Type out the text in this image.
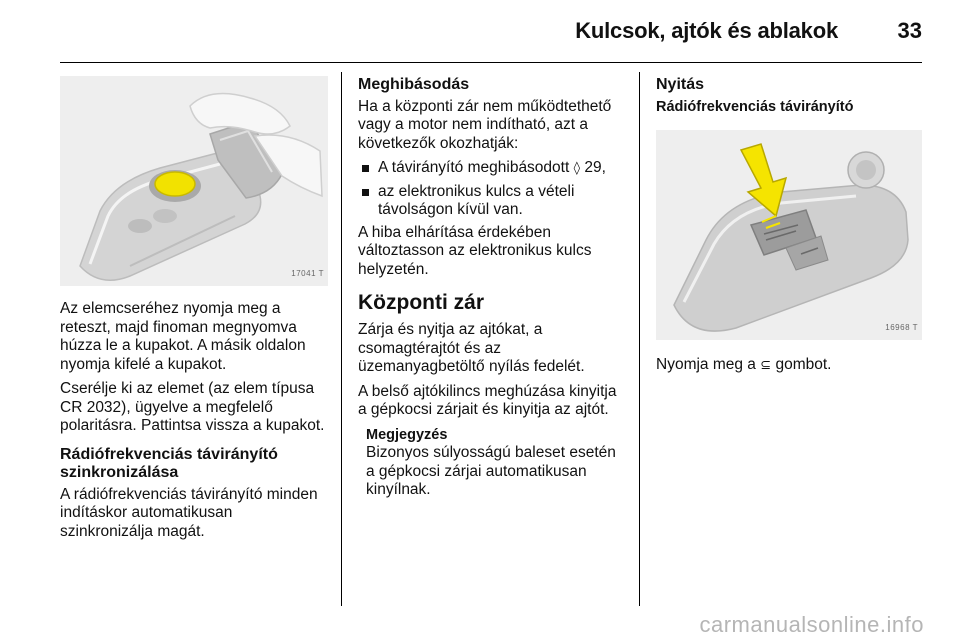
Kulcsok, ajtók és ablakok	33
17041 T

Az elemcseréhez nyomja meg a reteszt, majd finoman megnyomva húzza le a kupakot. A másik oldalon nyomja kifelé a kupakot.

Cserélje ki az elemet (az elem típusa CR 2032), ügyelve a megfelelő polaritásra. Pattintsa vissza a kupakot.

Rádiófrekvenciás távirányító
szinkronizálása

A rádiófrekvenciás távirányító minden indításkor automatikusan szinkronizálja magát.

Meghibásodás

Ha a központi zár nem működtethető vagy a motor nem indítható, azt a következők okozhatják:

A távirányító meghibásodott ◊ 29,
az elektronikus kulcs a vételi távolságon kívül van.

A hiba elhárítása érdekében változtasson az elektronikus kulcs helyzetén.

Központi zár

Zárja és nyitja az ajtókat, a csomagtérajtót és az üzemanyagbetöltő nyílás fedelét.

A belső ajtókilincs meghúzása kinyitja a gépkocsi zárjait és kinyitja az ajtót.

Megjegyzés
Bizonyos súlyosságú baleset esetén a gépkocsi zárjai automatikusan kinyílnak.
Nyitás
Rádiófrekvenciás távirányító
16968 T

Nyomja meg a ⊆ gombot.

carmanualsonline.info
